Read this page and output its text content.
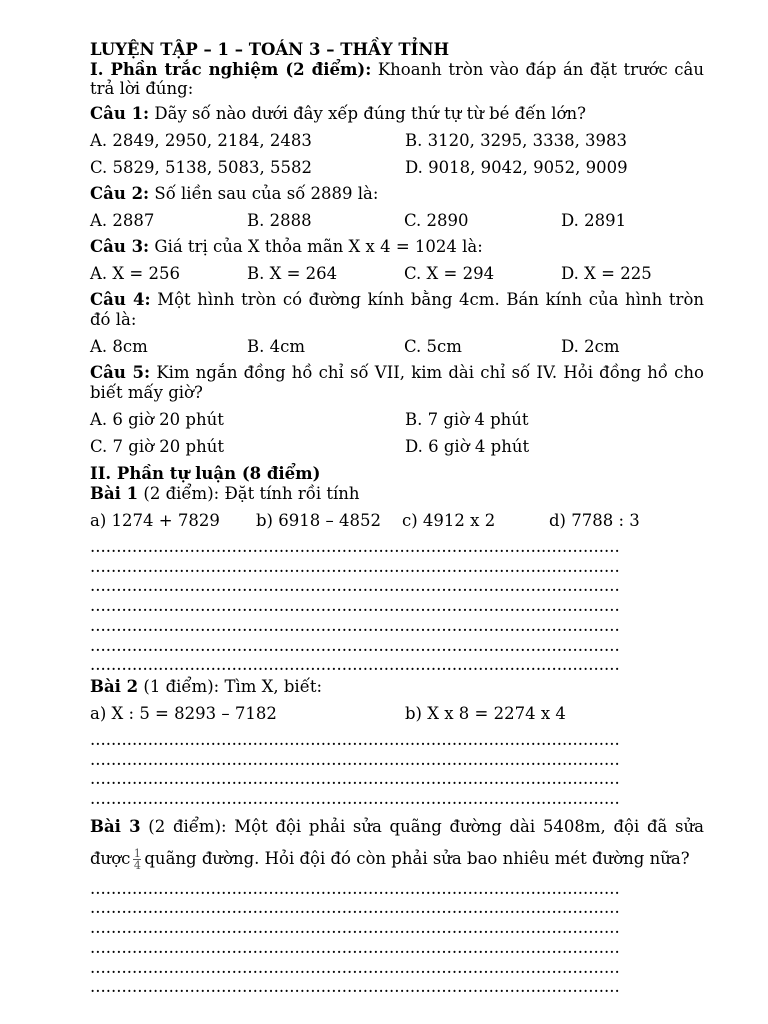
LUYỆN TẬP – 1 – TOÁN 3 – THẦY TỈNH
I. Phần trắc nghiệm (2 điểm): Khoanh tròn vào đáp án đặt trước câu trả lời đúng:
Câu 1: Dãy số nào dưới đây xếp đúng thứ tự từ bé đến lớn?
A. 2849, 2950, 2184, 2483	B. 3120, 3295, 3338, 3983
C. 5829, 5138, 5083, 5582	D. 9018, 9042, 9052, 9009
Câu 2: Số liền sau của số 2889 là:
A. 2887	B. 2888	C. 2890	D. 2891
Câu 3: Giá trị của X thỏa mãn X x 4 = 1024 là:
A. X = 256	B. X = 264	C. X = 294	D. X = 225
Câu 4: Một hình tròn có đường kính bằng 4cm. Bán kính của hình tròn đó là:
A. 8cm	B. 4cm	C. 5cm	D. 2cm
Câu 5: Kim ngắn đồng hồ chỉ số VII, kim dài chỉ số IV. Hỏi đồng hồ cho biết mấy giờ?
A. 6 giờ 20 phút	B. 7 giờ 4 phút
C. 7 giờ 20 phút	D. 6 giờ 4 phút
II. Phần tự luận (8 điểm)
Bài 1 (2 điểm): Đặt tính rồi tính
a) 1274 + 7829	b) 6918 – 4852	c) 4912 x 2	d) 7788 : 3
.....................................................................................................
.....................................................................................................
.....................................................................................................
.....................................................................................................
.....................................................................................................
.....................................................................................................
.....................................................................................................
Bài 2 (1 điểm): Tìm X, biết:
a) X : 5 = 8293 – 7182	b) X x 8 = 2274 x 4
.....................................................................................................
.....................................................................................................
.....................................................................................................
.....................................................................................................
Bài 3 (2 điểm): Một đội phải sửa quãng đường dài 5408m, đội đã sửa được $\frac{1}{4}$ quãng đường. Hỏi đội đó còn phải sửa bao nhiêu mét đường nữa?
.....................................................................................................
.....................................................................................................
.....................................................................................................
.....................................................................................................
.....................................................................................................
.....................................................................................................
